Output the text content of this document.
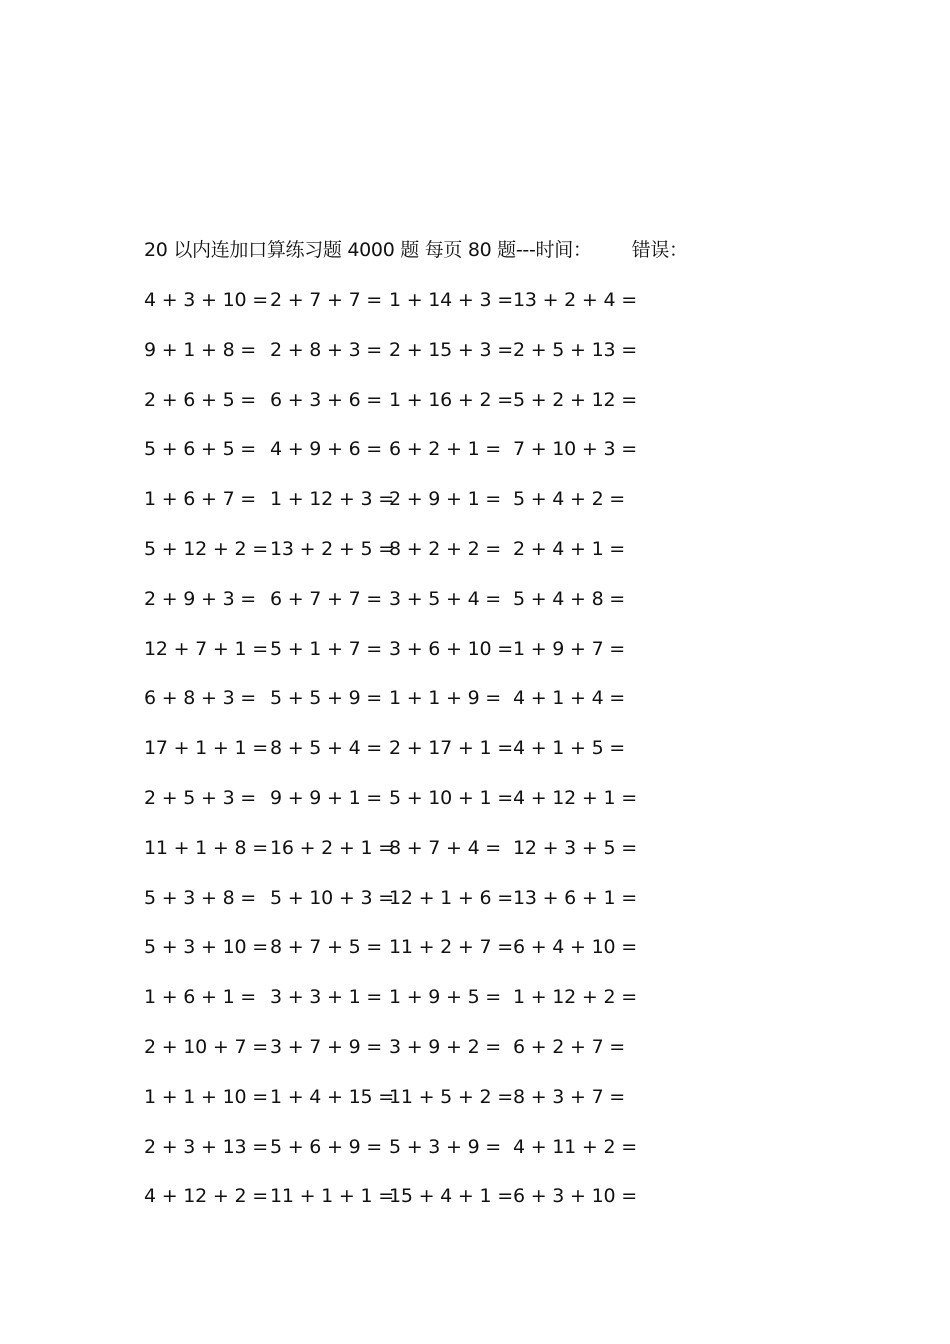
20 以内连加口算练习题 4000 题 每页 80 题---时间： 错误：
4 + 3 + 10 = 2 + 7 + 7 = 1 + 14 + 3 = 13 + 2 + 4 =
9 + 1 + 8 = 2 + 8 + 3 = 2 + 15 + 3 = 2 + 5 + 13 =
2 + 6 + 5 = 6 + 3 + 6 = 1 + 16 + 2 = 5 + 2 + 12 =
5 + 6 + 5 = 4 + 9 + 6 = 6 + 2 + 1 = 7 + 10 + 3 =
1 + 6 + 7 = 1 + 12 + 3 =
2 + 9 + 1 = 5 + 4 + 2 =
5 + 12 + 2 = 13 + 2 + 5 =
8 + 2 + 2 = 2 + 4 + 1 =
2 + 9 + 3 = 6 + 7 + 7 = 3 + 5 + 4 = 5 + 4 + 8 =
12 + 7 + 1 = 5 + 1 + 7 = 3 + 6 + 10 = 1 + 9 + 7 =
6 + 8 + 3 = 5 + 5 + 9 = 1 + 1 + 9 = 4 + 1 + 4 =
17 + 1 + 1 = 8 + 5 + 4 = 2 + 17 + 1 = 4 + 1 + 5 =
2 + 5 + 3 = 9 + 9 + 1 = 5 + 10 + 1 = 4 + 12 + 1 =
11 + 1 + 8 = 16 + 2 + 1 =
8 + 7 + 4 = 12 + 3 + 5 =
5 + 3 + 8 = 5 + 10 + 3 =
12 + 1 + 6 = 13 + 6 + 1 =
5 + 3 + 10 = 8 + 7 + 5 = 11 + 2 + 7 = 6 + 4 + 10 =
1 + 6 + 1 = 3 + 3 + 1 = 1 + 9 + 5 = 1 + 12 + 2 =
2 + 10 + 7 = 3 + 7 + 9 = 3 + 9 + 2 = 6 + 2 + 7 =
1 + 1 + 10 = 1 + 4 + 15 =
11 + 5 + 2 = 8 + 3 + 7 =
2 + 3 + 13 = 5 + 6 + 9 = 5 + 3 + 9 = 4 + 11 + 2 =
4 + 12 + 2 = 11 + 1 + 1 =
15 + 4 + 1 = 6 + 3 + 10 =
